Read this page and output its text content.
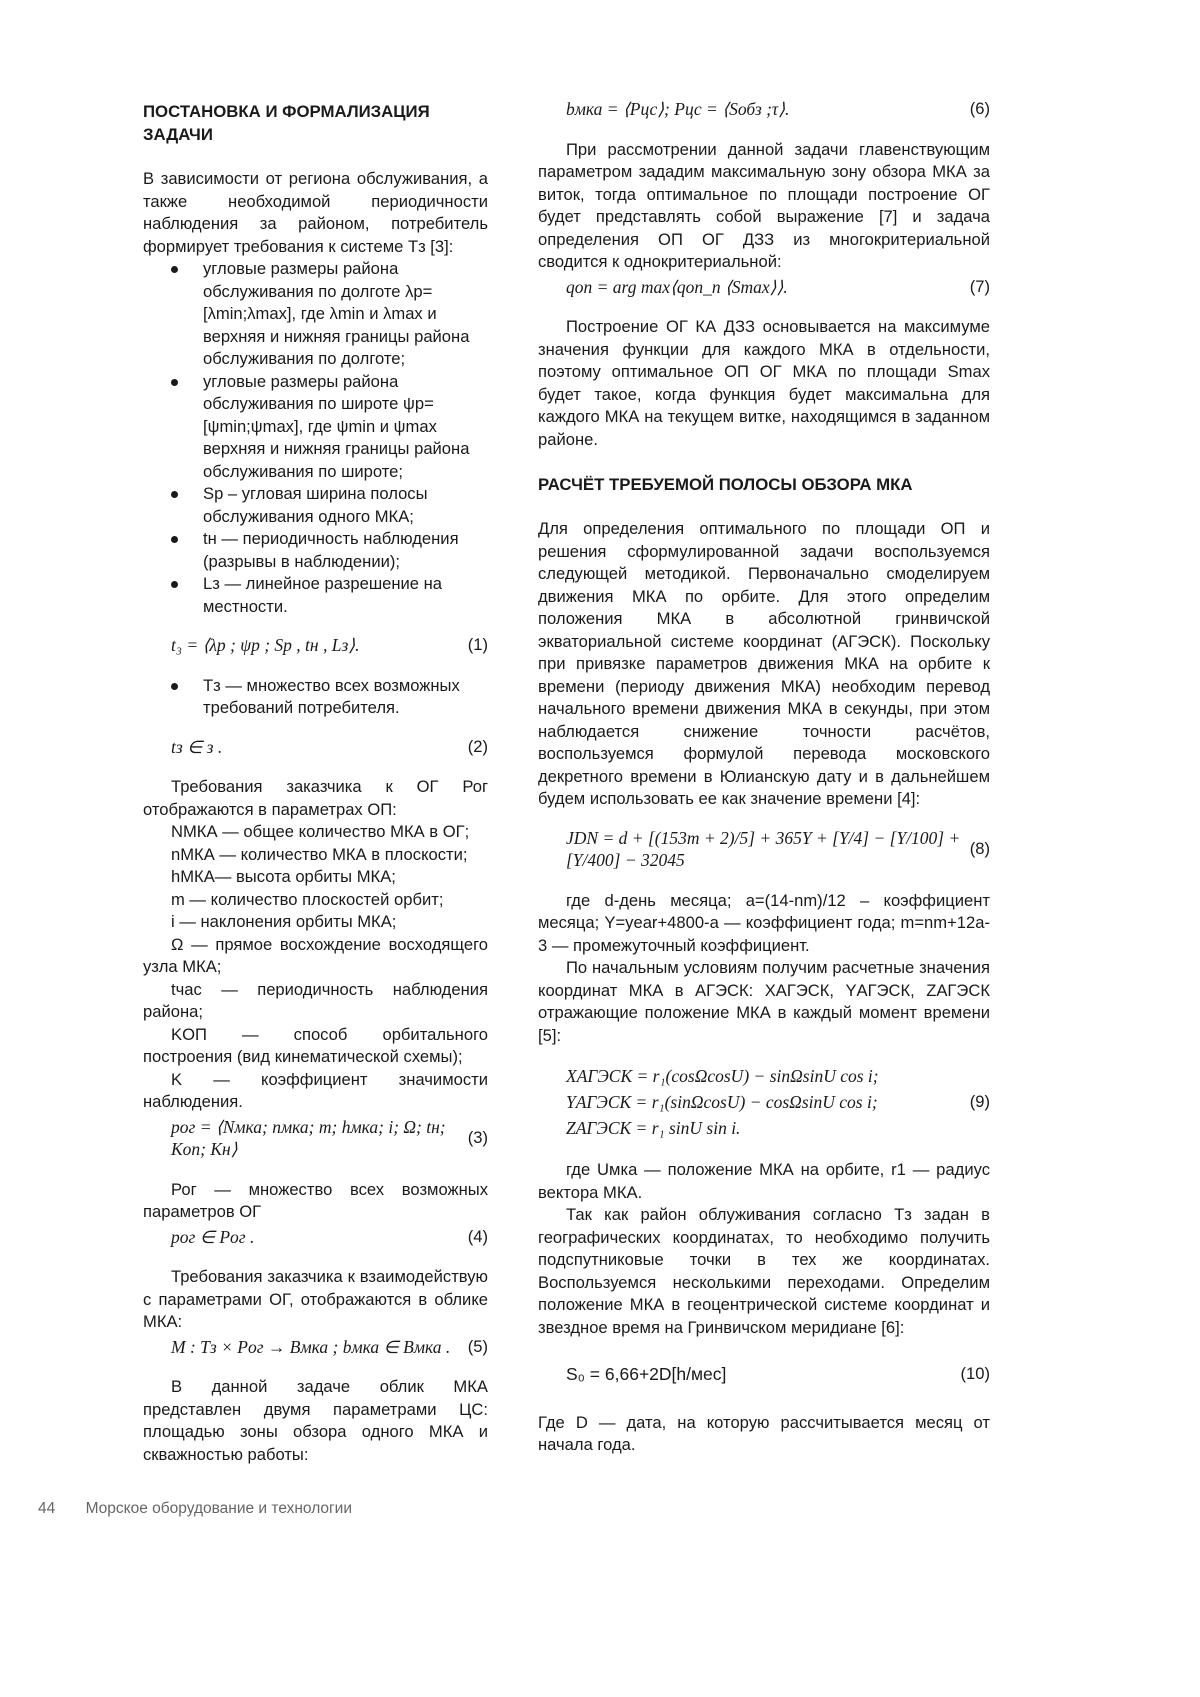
ПОСТАНОВКА И ФОРМАЛИЗАЦИЯ ЗАДАЧИ

В зависимости от региона обслуживания, а также необходимой периодичности наблюдения за районом, потребитель формирует требования к системе Тз [3]:

угловые размеры района обслуживания по долготе λр=[λmin;λmax], где λmin и λmax и верхняя и нижняя границы района обслуживания по долготе;
угловые размеры района обслуживания по широте ψр=[ψmin;ψmax], где ψmin и ψmax верхняя и нижняя границы района обслуживания по широте;
Sр – угловая ширина полосы обслуживания одного МКА;
tн — периодичность наблюдения (разрывы в наблюдении);
Lз — линейное разрешение на местности.
t₃ = ⟨λp ; ψp ; Sp , tн , Lз⟩.	(1)
Тз — множество всех возможных требований потребителя.
tз ∈ з .	(2)

Требования заказчика к ОГ Рог отображаются в параметрах ОП:

NМКА — общее количество МКА в ОГ;

nМКА — количество МКА в плоскости;

hМКА— высота орбиты МКА;

m — количество плоскостей орбит;

i — наклонения орбиты МКА;

Ω — прямое восхождение восходящего узла МКА;

tчас — периодичность наблюдения района;

KОП — способ орбитального построения (вид кинематической схемы);

K — коэффициент значимости наблюдения.

pог = ⟨Nмка; nмка; m; hмка; i; Ω; tн; Kоп; Kн⟩
(3)

Рог — множество всех возможных параметров ОГ

pог ∈ Pог .	(4)

Требования заказчика к взаимодействую с параметрами ОГ, отображаются в облике МКА:

M : Tз × Pог → Bмка ; bмка ∈ Bмка . (5)

В данной задаче облик МКА представлен двумя параметрами ЦС: площадью зоны обзора одного МКА и скважностью работы:

bмка = ⟨Pцс⟩; Pцс = ⟨Sобз ;τ⟩.	(6)

При рассмотрении данной задачи главенствующим параметром зададим максимальную зону обзора МКА за виток, тогда оптимальное по площади построение ОГ будет представлять собой выражение [7] и задача определения ОП ОГ ДЗЗ из многокритериальной сводится к однокритериальной:

qоп = arg max⟨qоп_п ⟨Smax⟩⟩.	(7)

Построение ОГ КА ДЗЗ основывается на максимуме значения функции для каждого МКА в отдельности, поэтому оптимальное ОП ОГ МКА по площади Smax будет такое, когда функция будет максимальна для каждого МКА на текущем витке, находящимся в заданном районе.

РАСЧЁТ ТРЕБУЕМОЙ ПОЛОСЫ ОБЗОРА МКА

Для определения оптимального по площади ОП и решения сформулированной задачи воспользуемся следующей методикой. Первоначально смоделируем движения МКА по орбите. Для этого определим положения МКА в абсолютной гринвичской экваториальной системе координат (АГЭСК). Поскольку при привязке параметров движения МКА на орбите к времени (периоду движения МКА) необходим перевод начального времени движения МКА в секунды, при этом наблюдается снижение точности расчётов, воспользуемся формулой перевода московского декретного времени в Юлианскую дату и в дальнейшем будем использовать ее как значение времени [4]:

JDN = d + [(153m + 2)/5] + 365Y + [Y/4] − [Y/100] + [Y/400] − 32045
(8)

где d-день месяца; a=(14-nm)/12 – коэффициент месяца; Y=year+4800-a — коэффициент года; m=nm+12a-3 — промежуточный коэффициент.

По начальным условиям получим расчетные значения координат МКА в АГЭСК: XАГЭСК, YАГЭСК, ZАГЭСК отражающие положение МКА в каждый момент времени [5]:

XАГЭСК = r₁(cosΩcosU) − sinΩsinU cos i;
YАГЭСК = r₁(sinΩcosU) − cosΩsinU cos i;
ZАГЭСК = r₁ sinU sin i.
(9)

где Uмка — положение МКА на орбите, r1 — радиус вектора МКА.

Так как район облуживания согласно Тз задан в географических координатах, то необходимо получить подспутниковые точки в тех же координатах. Воспользуемся несколькими переходами. Определим положение МКА в геоцентрической системе координат и звездное время на Гринвичском меридиане [6]:

S₀ = 6,66+2D[h/мес]	(10)

Где D — дата, на которую рассчитывается месяц от начала года.

44 Морское оборудование и технологии
